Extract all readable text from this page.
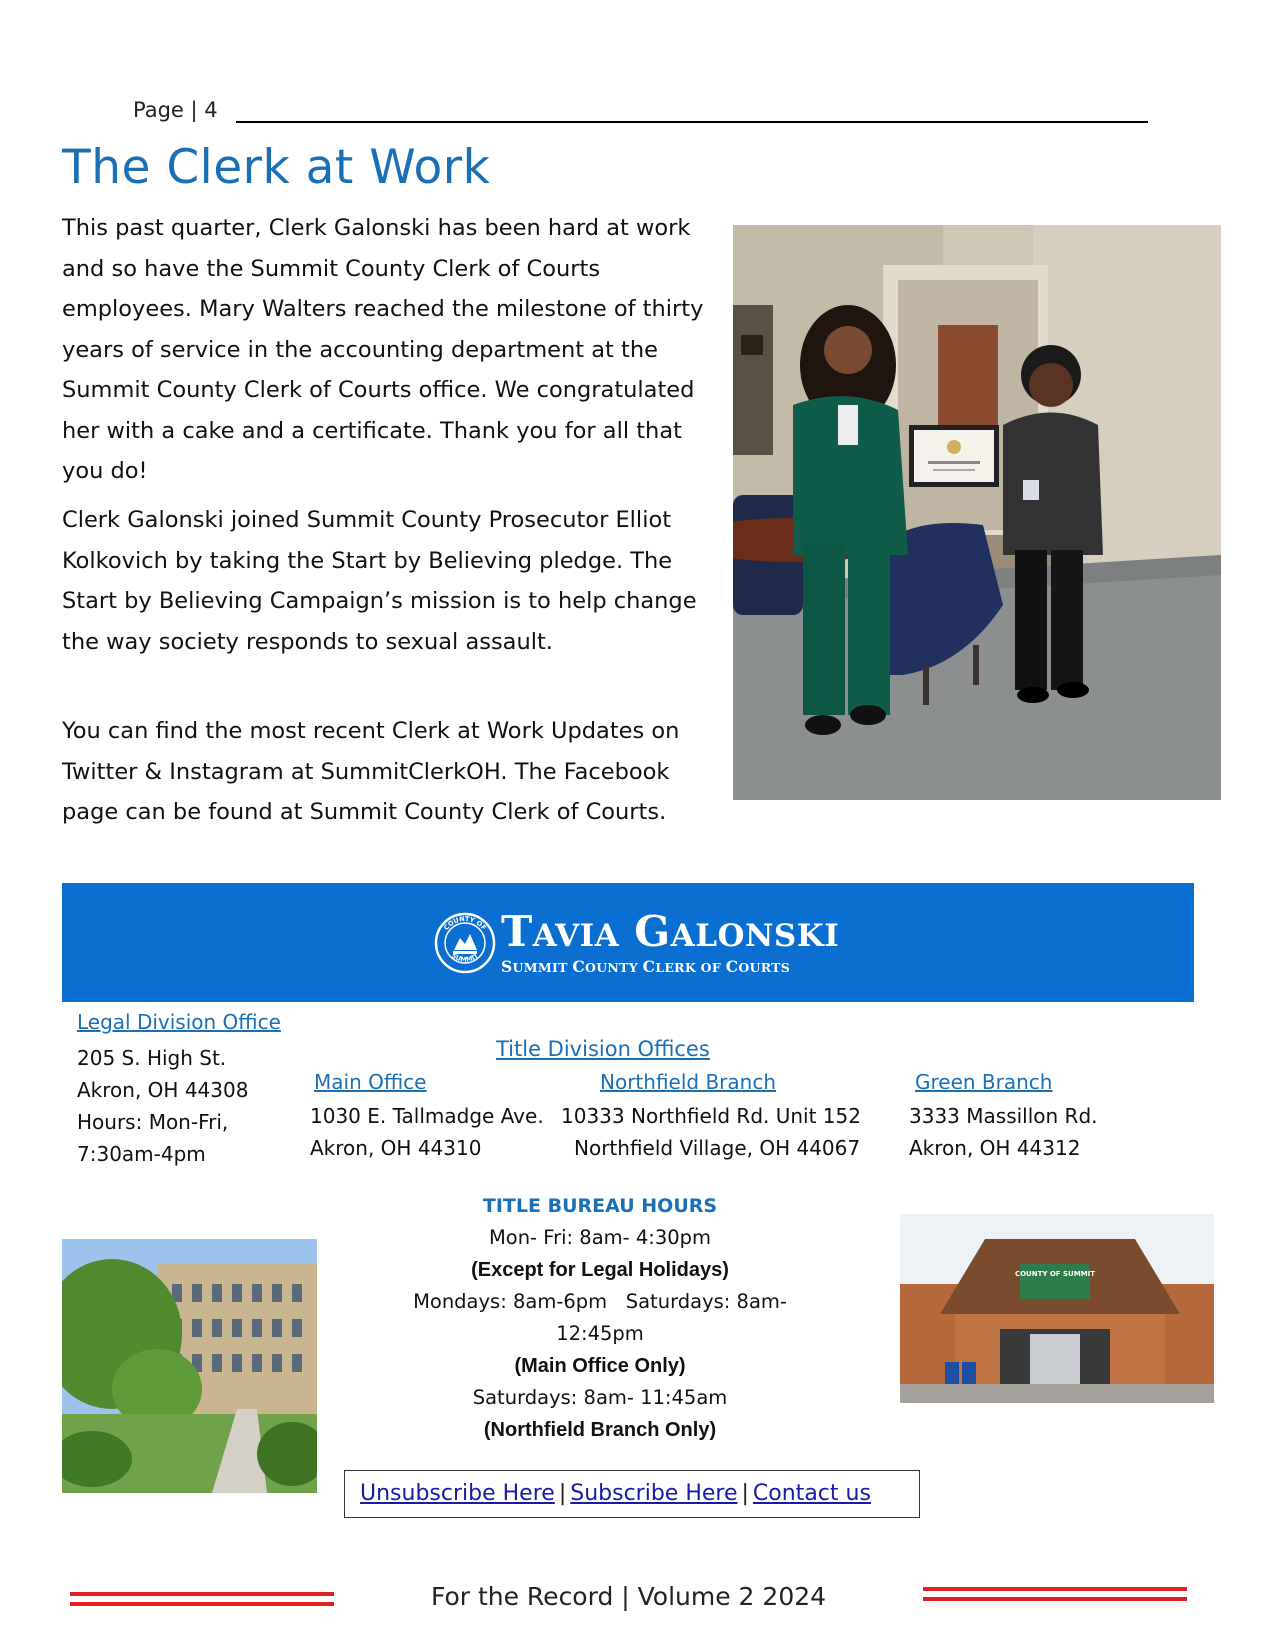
Page | 4
The Clerk at Work

This past quarter, Clerk Galonski has been hard at work and so have the Summit County Clerk of Courts employees. Mary Walters reached the milestone of thirty years of service in the accounting department at the Summit County Clerk of Courts office. We congratulated her with a cake and a certificate. Thank you for all that you do!

Clerk Galonski joined Summit County Prosecutor Elliot Kolkovich by taking the Start by Believing pledge. The Start by Believing Campaign’s mission is to help change the way society responds to sexual assault.

You can find the most recent Clerk at Work Updates on Twitter & Instagram at SummitClerkOH. The Facebook page can be found at Summit County Clerk of Courts.

COUNTY OF
SUMMIT
TAVIA GALONSKI
SUMMIT COUNTY CLERK OF COURTS
Legal Division Office
205 S. High St.
Akron, OH 44308
Hours: Mon-Fri,
7:30am-4pm
Title Division Offices
Main Office
1030 E. Tallmadge Ave.
Akron, OH 44310
Northfield Branch
10333 Northfield Rd. Unit 152
Northfield Village, OH 44067
Green Branch
3333 Massillon Rd.
Akron, OH 44312
COUNTY OF SUMMIT
TITLE BUREAU HOURS
Mon- Fri: 8am- 4:30pm
(Except for Legal Holidays)
Mondays: 8am-6pm   Saturdays: 8am-
12:45pm
(Main Office Only)
Saturdays: 8am- 11:45am
(Northfield Branch Only)
Unsubscribe Here | Subscribe Here | Contact us
For the Record | Volume 2 2024
